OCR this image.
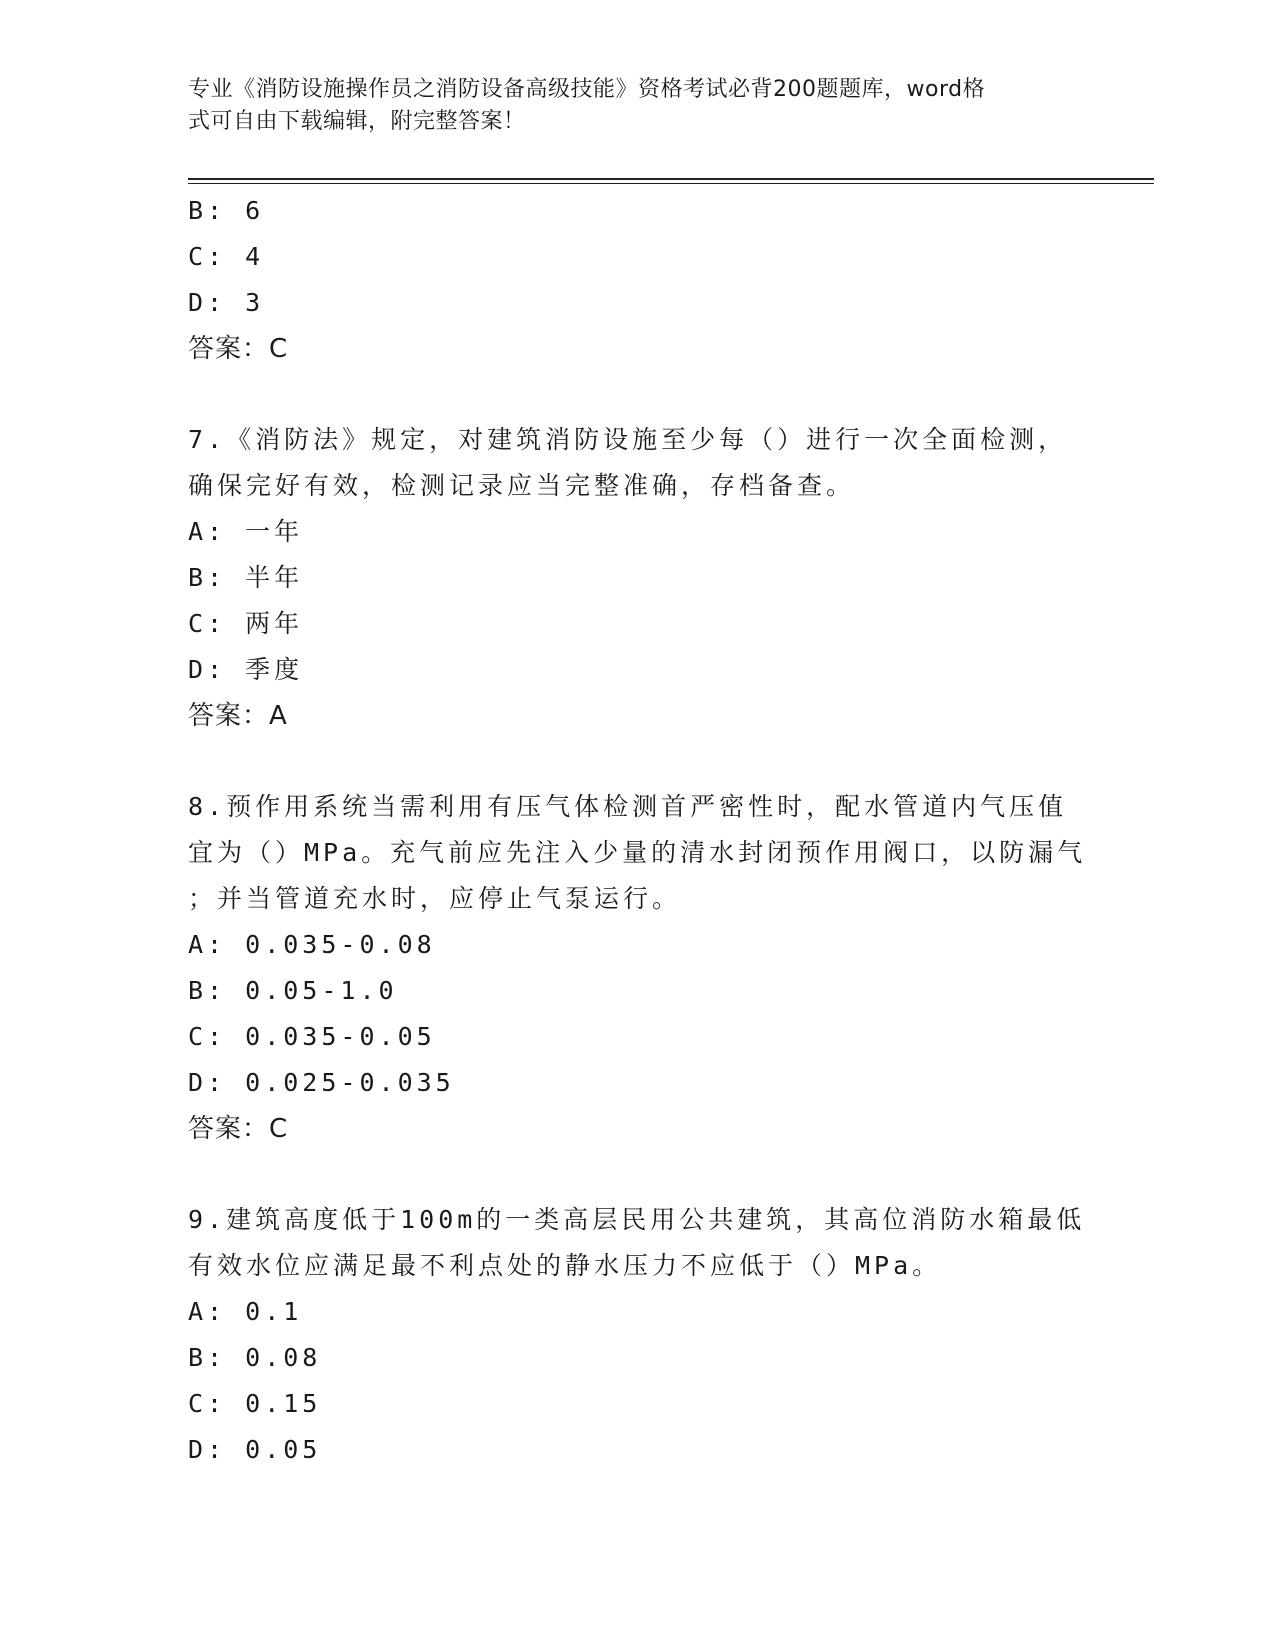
专业《消防设施操作员之消防设备高级技能》资格考试必背200题题库，word格
式可自由下载编辑，附完整答案！
B: 6
C: 4
D: 3
答案：C
7.《消防法》规定，对建筑消防设施至少每（）进行一次全面检测，
确保完好有效，检测记录应当完整准确，存档备查。
A: 一年
B: 半年
C: 两年
D: 季度
答案：A
8.预作用系统当需利用有压气体检测首严密性时，配水管道内气压值
宜为（）MPa。充气前应先注入少量的清水封闭预作用阀口，以防漏气
；并当管道充水时，应停止气泵运行。
A: 0.035-0.08
B: 0.05-1.0
C: 0.035-0.05
D: 0.025-0.035
答案：C
9.建筑高度低于100m的一类高层民用公共建筑，其高位消防水箱最低
有效水位应满足最不利点处的静水压力不应低于（）MPa。
A: 0.1
B: 0.08
C: 0.15
D: 0.05
